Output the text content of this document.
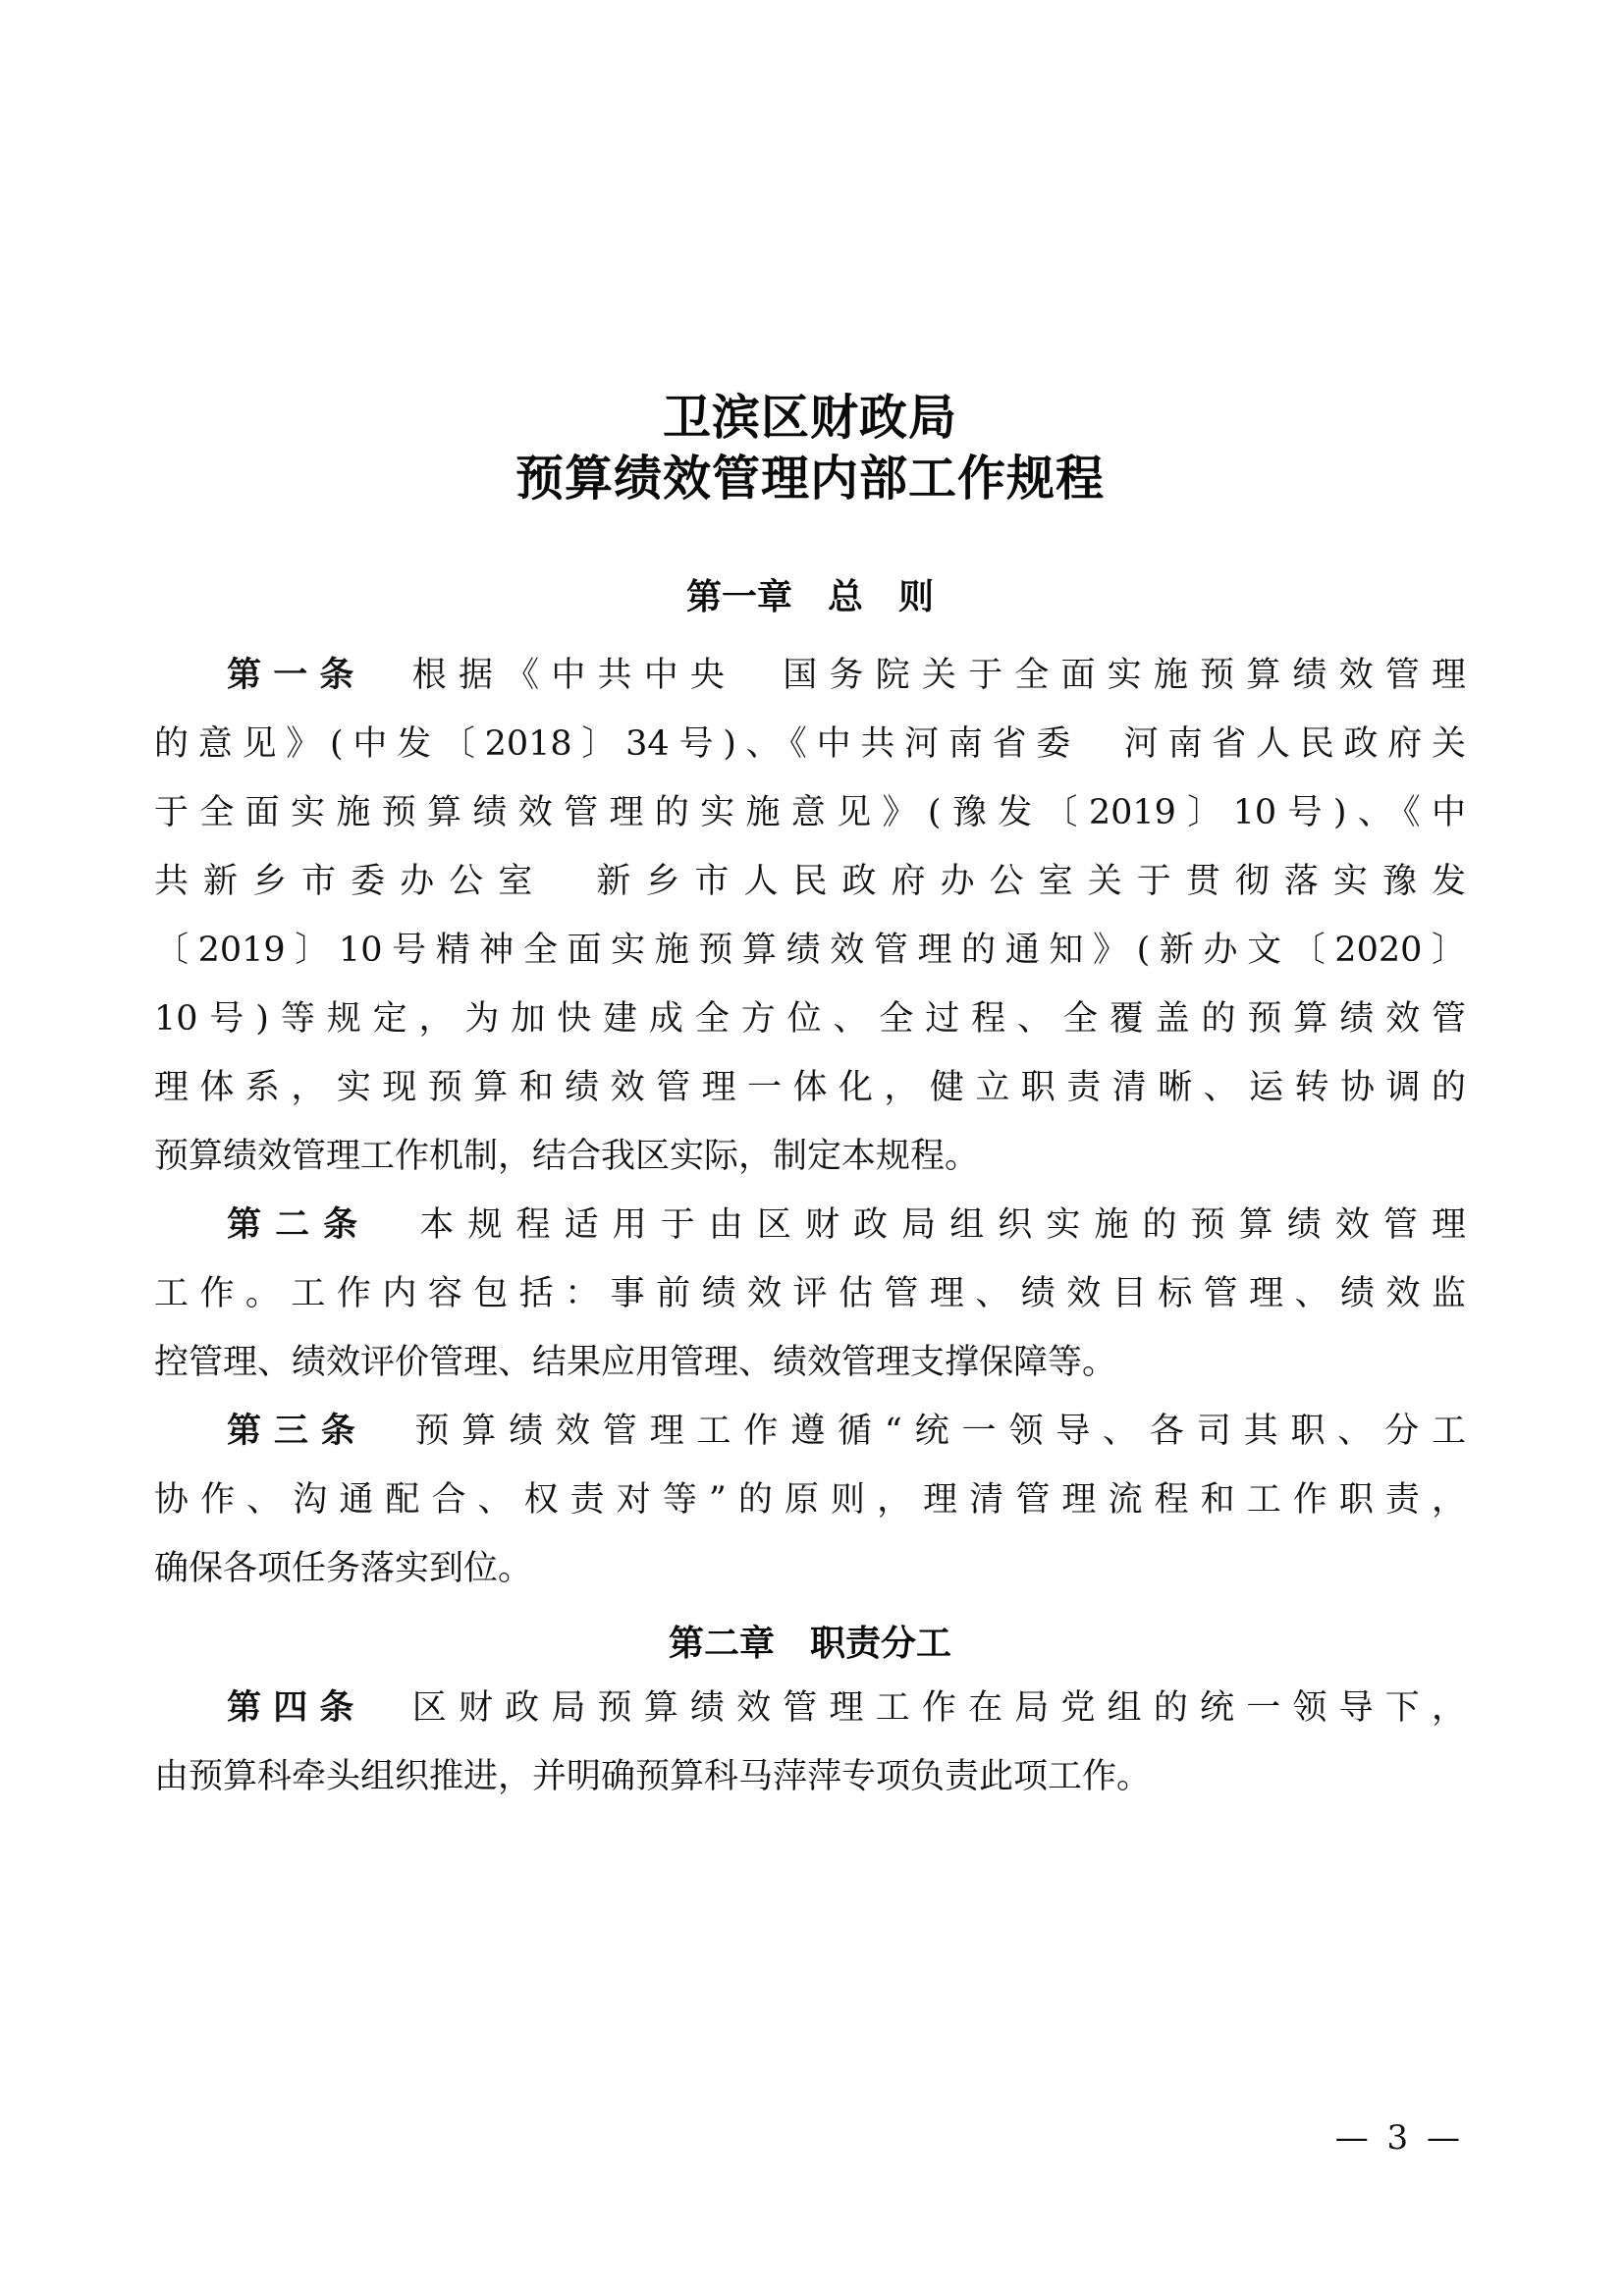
卫滨区财政局
预算绩效管理内部工作规程
第一章　总　则
第一条　根据《中共中央　国务院关于全面实施预算绩效管理
的意见》(中发〔2018〕34号)、《中共河南省委　河南省人民政府关
于全面实施预算绩效管理的实施意见》(豫发〔2019〕10号)、《中
共新乡市委办公室　新乡市人民政府办公室关于贯彻落实豫发
〔2019〕10号精神全面实施预算绩效管理的通知》(新办文〔2020〕
10号)等规定，为加快建成全方位、全过程、全覆盖的预算绩效管
理体系，实现预算和绩效管理一体化，健立职责清晰、运转协调的
预算绩效管理工作机制，结合我区实际，制定本规程。
第二条　本规程适用于由区财政局组织实施的预算绩效管理
工作。工作内容包括：事前绩效评估管理、绩效目标管理、绩效监
控管理、绩效评价管理、结果应用管理、绩效管理支撑保障等。
第三条　预算绩效管理工作遵循“统一领导、各司其职、分工
协作、沟通配合、权责对等”的原则，理清管理流程和工作职责，
确保各项任务落实到位。
第二章　职责分工
第四条　区财政局预算绩效管理工作在局党组的统一领导下，
由预算科牵头组织推进，并明确预算科马萍萍专项负责此项工作。
— 3 —
